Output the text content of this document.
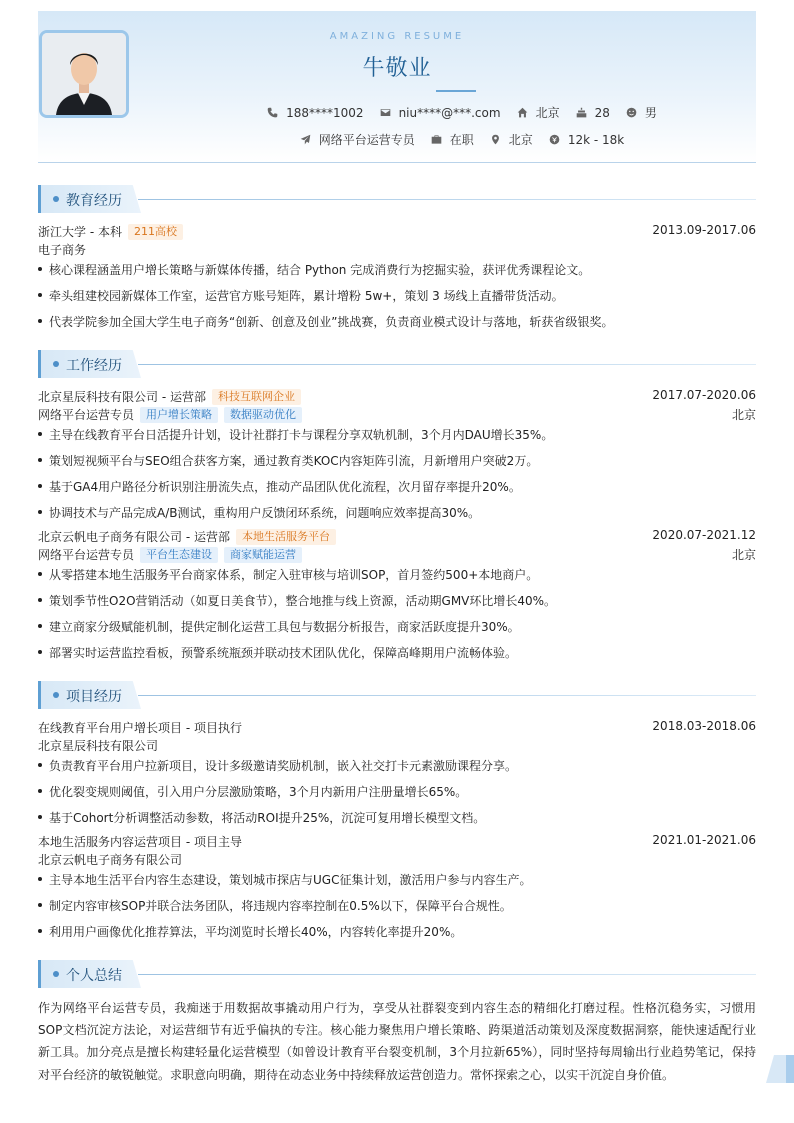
AMAZING RESUME
牛敬业
188****1002	niu****@***.com	北京	28	男
网络平台运营专员	在职	北京	12k - 18k
教育经历
浙江大学 - 本科	211高校	2013.09-2017.06
电子商务
核心课程涵盖用户增长策略与新媒体传播，结合 Python 完成消费行为挖掘实验，获评优秀课程论文。
牵头组建校园新媒体工作室，运营官方账号矩阵，累计增粉 5w+，策划 3 场线上直播带货活动。
代表学院参加全国大学生电子商务“创新、创意及创业”挑战赛，负责商业模式设计与落地，斩获省级银奖。
工作经历
北京星辰科技有限公司 - 运营部	科技互联网企业	2017.07-2020.06
网络平台运营专员	用户增长策略	数据驱动优化	北京
主导在线教育平台日活提升计划，设计社群打卡与课程分享双轨机制，3个月内DAU增长35%。
策划短视频平台与SEO组合获客方案，通过教育类KOC内容矩阵引流，月新增用户突破2万。
基于GA4用户路径分析识别注册流失点，推动产品团队优化流程，次月留存率提升20%。
协调技术与产品完成A/B测试，重构用户反馈闭环系统，问题响应效率提高30%。
北京云帆电子商务有限公司 - 运营部	本地生活服务平台	2020.07-2021.12
网络平台运营专员	平台生态建设	商家赋能运营	北京
从零搭建本地生活服务平台商家体系，制定入驻审核与培训SOP，首月签约500+本地商户。
策划季节性O2O营销活动（如夏日美食节），整合地推与线上资源，活动期GMV环比增长40%。
建立商家分级赋能机制，提供定制化运营工具包与数据分析报告，商家活跃度提升30%。
部署实时运营监控看板，预警系统瓶颈并联动技术团队优化，保障高峰期用户流畅体验。
项目经历
在线教育平台用户增长项目 - 项目执行	2018.03-2018.06
北京星辰科技有限公司
负责教育平台用户拉新项目，设计多级邀请奖励机制，嵌入社交打卡元素激励课程分享。
优化裂变规则阈值，引入用户分层激励策略，3个月内新用户注册量增长65%。
基于Cohort分析调整活动参数，将活动ROI提升25%，沉淀可复用增长模型文档。
本地生活服务内容运营项目 - 项目主导	2021.01-2021.06
北京云帆电子商务有限公司
主导本地生活平台内容生态建设，策划城市探店与UGC征集计划，激活用户参与内容生产。
制定内容审核SOP并联合法务团队，将违规内容率控制在0.5%以下，保障平台合规性。
利用用户画像优化推荐算法，平均浏览时长增长40%，内容转化率提升20%。
个人总结
作为网络平台运营专员，我痴迷于用数据故事撬动用户行为，享受从社群裂变到内容生态的精细化打磨过程。性格沉稳务实，习惯用SOP文档沉淀方法论，对运营细节有近乎偏执的专注。核心能力聚焦用户增长策略、跨渠道活动策划及深度数据洞察，能快速适配行业新工具。加分亮点是擅长构建轻量化运营模型（如曾设计教育平台裂变机制，3个月拉新65%），同时坚持每周输出行业趋势笔记，保持对平台经济的敏锐触觉。求职意向明确，期待在动态业务中持续释放运营创造力。常怀探索之心，以实干沉淀自身价值。
